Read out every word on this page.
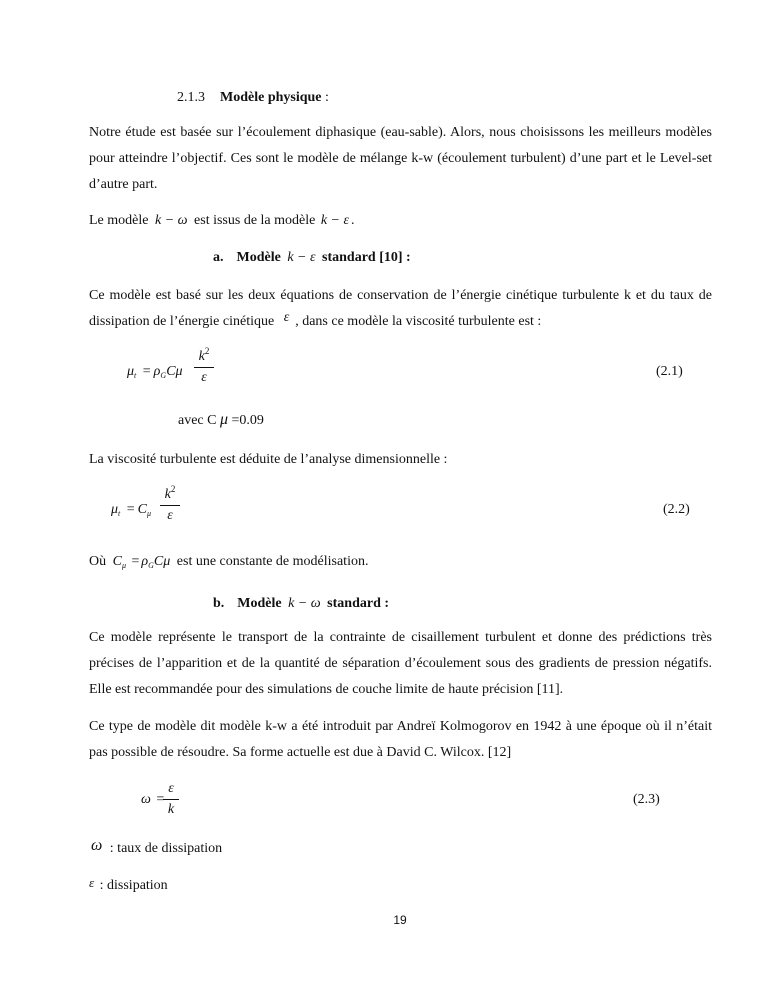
2.1.3 Modèle physique :

Notre étude est basée sur l’écoulement diphasique (eau-sable). Alors, nous choisissons les meilleurs modèles pour atteindre l’objectif. Ces sont le modèle de mélange k-w (écoulement turbulent) d’une part et le Level-set d’autre part.

Le modèle k − ω est issus de la modèle k − ε .
a. Modèle k − ε standard [10] :

Ce modèle est basé sur les deux équations de conservation de l’énergie cinétique turbulente k et du taux de dissipation de l’énergie cinétique ε , dans ce modèle la viscosité turbulente est :

$\mu_t = \rho_GC\mu$
$k^2$
ε	(2.1)
avec C μ =0.09
La viscosité turbulente est déduite de l’analyse dimensionnelle :
$\mu_t = C_\mu$
$k^2$
ε	(2.2)
Où $C_\mu = \rho_GC\mu$ est une constante de modélisation.
b. Modèle k − ω standard :

Ce modèle représente le transport de la contrainte de cisaillement turbulent et donne des prédictions très précises de l’apparition et de la quantité de séparation d’écoulement sous des gradients de pression négatifs. Elle est recommandée pour des simulations de couche limite de haute précision [11].

Ce type de modèle dit modèle k-w a été introduit par Andreï Kolmogorov en 1942 à une époque où il n’était pas possible de résoudre. Sa forme actuelle est due à David C. Wilcox. [12]

ω =
ε
k
(2.3)
ω : taux de dissipation
ε : dissipation
19
